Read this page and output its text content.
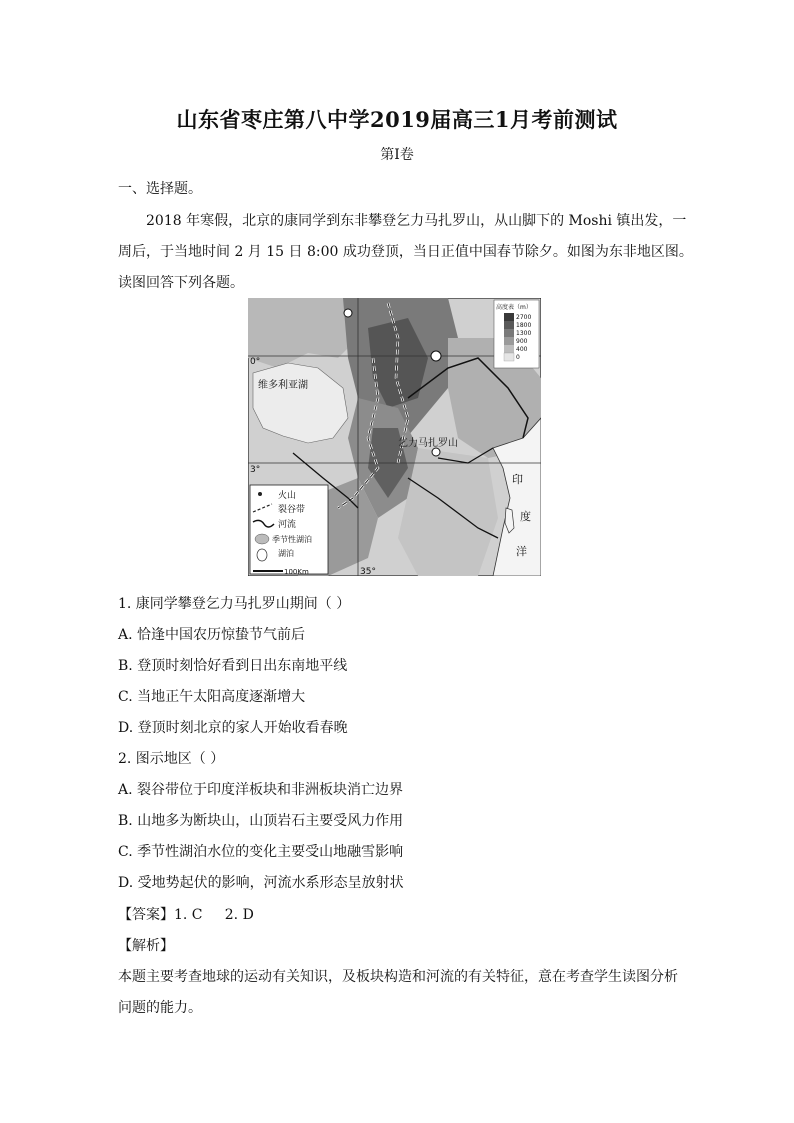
山东省枣庄第八中学2019届高三1月考前测试
第I卷
一、选择题。
2018 年寒假，北京的康同学到东非攀登乞力马扎罗山，从山脚下的 Moshi 镇出发，一
周后，于当地时间 2 月 15 日 8:00 成功登顶，当日正值中国春节除夕。如图为东非地区图。
读图回答下列各题。
维多利亚湖
乞力马扎罗山
印
度
洋
0°
3°
35°
高度表（m）
2700
1800
1300
900
400
0
火山
裂谷带
河流
季节性湖泊
湖泊
100Km
1. 康同学攀登乞力马扎罗山期间（ ）
A. 恰逢中国农历惊蛰节气前后
B. 登顶时刻恰好看到日出东南地平线
C. 当地正午太阳高度逐渐增大
D. 登顶时刻北京的家人开始收看春晚
2. 图示地区（ ）
A. 裂谷带位于印度洋板块和非洲板块消亡边界
B. 山地多为断块山，山顶岩石主要受风力作用
C. 季节性湖泊水位的变化主要受山地融雪影响
D. 受地势起伏的影响，河流水系形态呈放射状
【答案】1. C     2. D
【解析】
本题主要考查地球的运动有关知识，及板块构造和河流的有关特征，意在考查学生读图分析
问题的能力。
